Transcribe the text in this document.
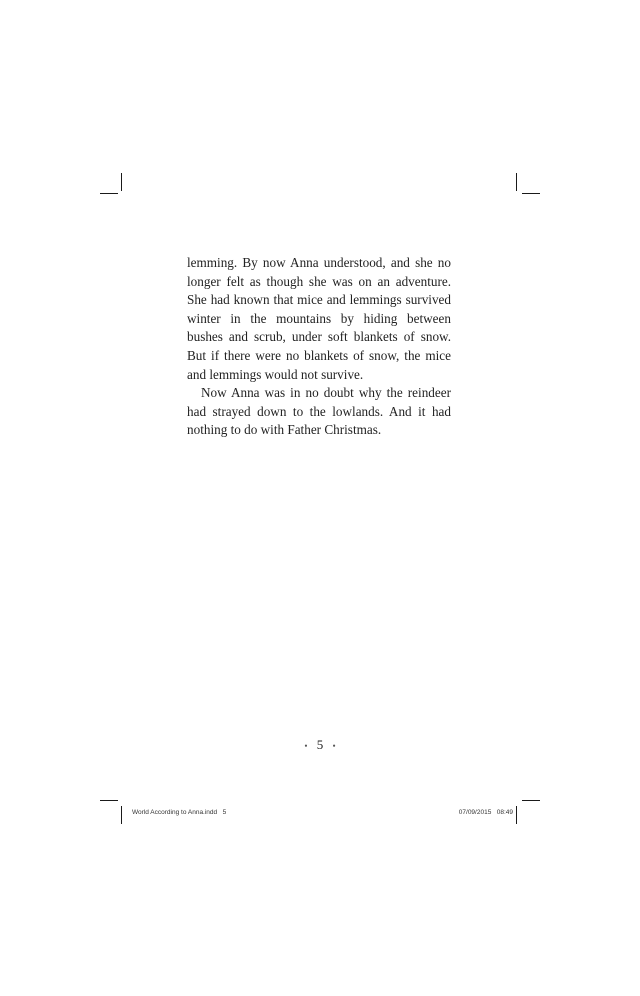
lemming. By now Anna understood, and she no longer felt as though she was on an adventure. She had known that mice and lemmings survived winter in the mountains by hiding between bushes and scrub, under soft blankets of snow. But if there were no blankets of snow, the mice and lemmings would not survive.

Now Anna was in no doubt why the reindeer had strayed down to the lowlands. And it had nothing to do with Father Christmas.

• 5 •
World According to Anna.indd   5	07/09/2015   08:49
